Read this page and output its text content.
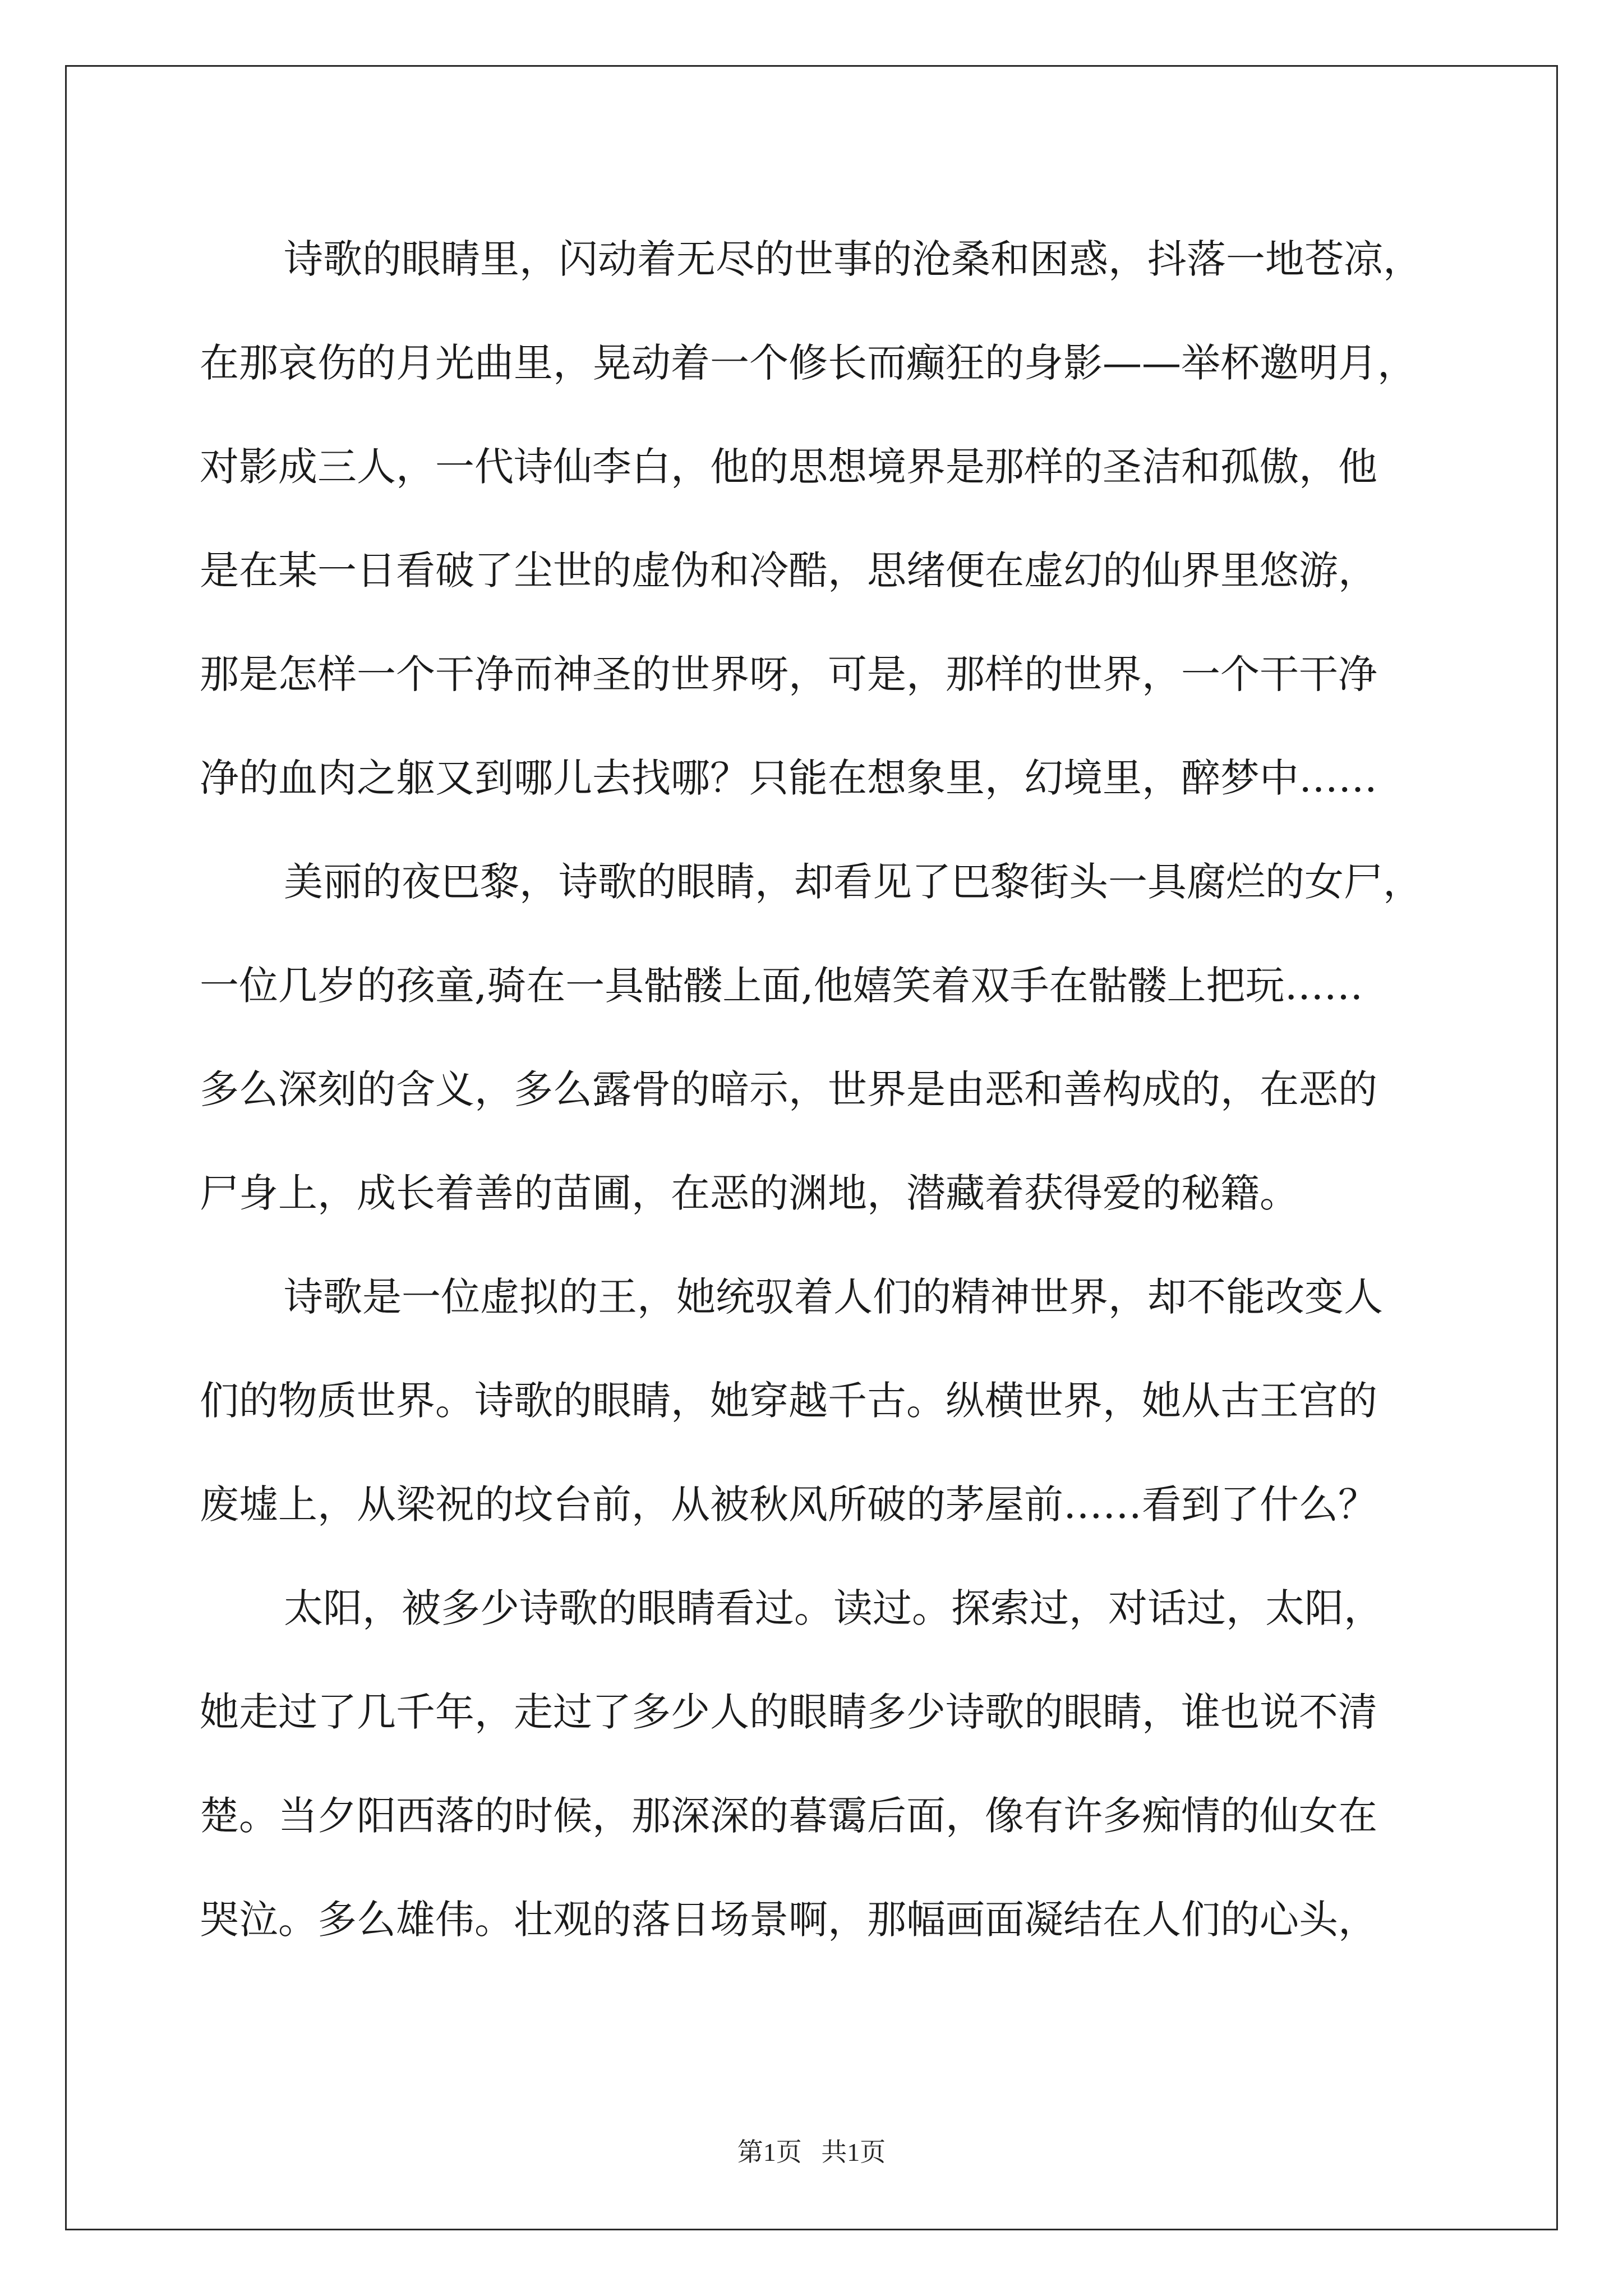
诗歌的眼睛里，闪动着无尽的世事的沧桑和困惑，抖落一地苍凉，
在那哀伤的月光曲里，晃动着一个修长而癫狂的身影——举杯邀明月，
对影成三人，一代诗仙李白，他的思想境界是那样的圣洁和孤傲，他
是在某一日看破了尘世的虚伪和冷酷，思绪便在虚幻的仙界里悠游，
那是怎样一个干净而神圣的世界呀，可是，那样的世界，一个干干净
净的血肉之躯又到哪儿去找哪？只能在想象里，幻境里，醉梦中……
美丽的夜巴黎，诗歌的眼睛，却看见了巴黎街头一具腐烂的女尸，
一位几岁的孩童,骑在一具骷髅上面,他嬉笑着双手在骷髅上把玩……
多么深刻的含义，多么露骨的暗示，世界是由恶和善构成的，在恶的
尸身上，成长着善的苗圃，在恶的渊地，潜藏着获得爱的秘籍。
诗歌是一位虚拟的王，她统驭着人们的精神世界，却不能改变人
们的物质世界。诗歌的眼睛，她穿越千古。纵横世界，她从古王宫的
废墟上，从梁祝的坟台前，从被秋风所破的茅屋前……看到了什么？
太阳，被多少诗歌的眼睛看过。读过。探索过，对话过，太阳，
她走过了几千年，走过了多少人的眼睛多少诗歌的眼睛，谁也说不清
楚。当夕阳西落的时候，那深深的暮霭后面，像有许多痴情的仙女在
哭泣。多么雄伟。壮观的落日场景啊，那幅画面凝结在人们的心头，
第1页   共1页
